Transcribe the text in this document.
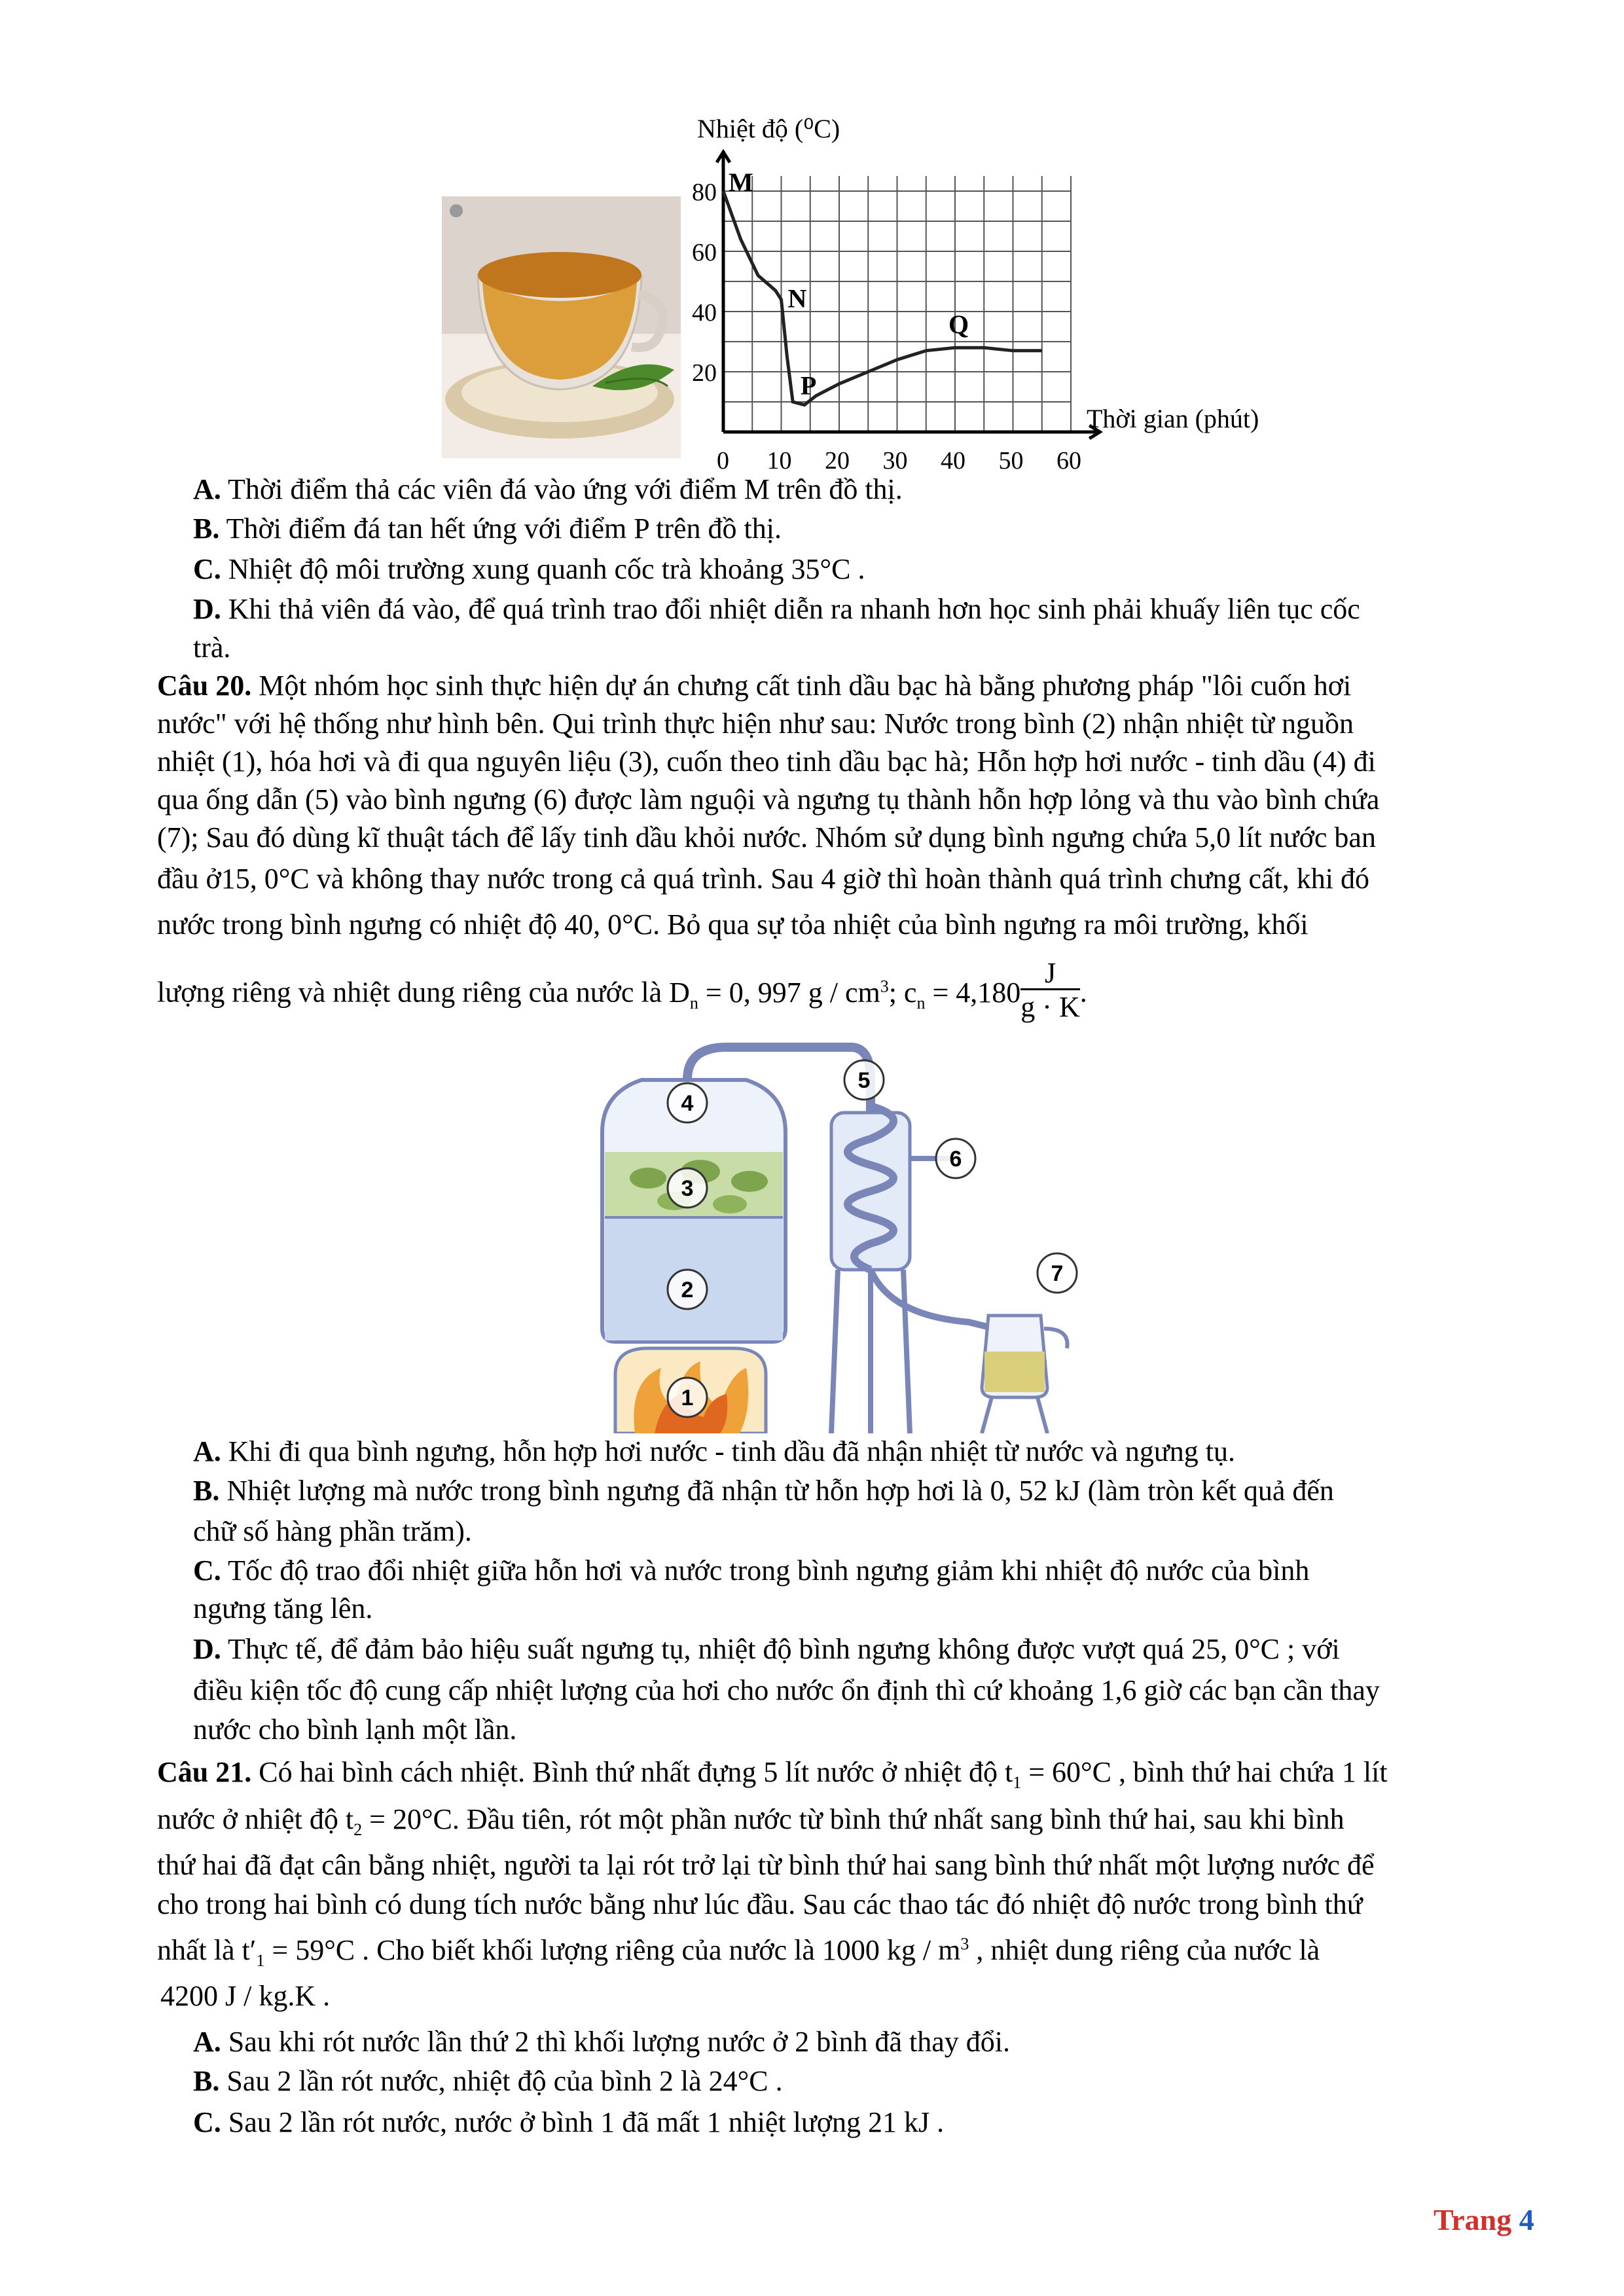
80
60
40
20
0 10 20 30 40 50 60
M
N
P
Q
Nhiệt độ (⁰C)
Thời gian (phút)
A. Thời điểm thả các viên đá vào ứng với điểm M trên đồ thị.
B. Thời điểm đá tan hết ứng với điểm P trên đồ thị.
C. Nhiệt độ môi trường xung quanh cốc trà khoảng 35°C .
D. Khi thả viên đá vào, để quá trình trao đổi nhiệt diễn ra nhanh hơn học sinh phải khuấy liên tục cốc
trà.
Câu 20. Một nhóm học sinh thực hiện dự án chưng cất tinh dầu bạc hà bằng phương pháp "lôi cuốn hơi
nước" với hệ thống như hình bên. Qui trình thực hiện như sau: Nước trong bình (2) nhận nhiệt từ nguồn
nhiệt (1), hóa hơi và đi qua nguyên liệu (3), cuốn theo tinh dầu bạc hà; Hỗn hợp hơi nước - tinh dầu (4) đi
qua ống dẫn (5) vào bình ngưng (6) được làm nguội và ngưng tụ thành hỗn hợp lỏng và thu vào bình chứa
(7); Sau đó dùng kĩ thuật tách để lấy tinh dầu khỏi nước. Nhóm sử dụng bình ngưng chứa 5,0 lít nước ban
đầu ở15, 0°C và không thay nước trong cả quá trình. Sau 4 giờ thì hoàn thành quá trình chưng cất, khi đó
nước trong bình ngưng có nhiệt độ 40, 0°C. Bỏ qua sự tỏa nhiệt của bình ngưng ra môi trường, khối
lượng riêng và nhiệt dung riêng của nước là $D_n = 0$, 997 g / $cm^3$; $c_n = 4,180 \frac{J}{g \cdot K}$ .
1
2
3
4
5
6
7
A. Khi đi qua bình ngưng, hỗn hợp hơi nước - tinh dầu đã nhận nhiệt từ nước và ngưng tụ.
B. Nhiệt lượng mà nước trong bình ngưng đã nhận từ hỗn hợp hơi là 0, 52 kJ (làm tròn kết quả đến
chữ số hàng phần trăm).
C. Tốc độ trao đổi nhiệt giữa hỗn hơi và nước trong bình ngưng giảm khi nhiệt độ nước của bình
ngưng tăng lên.
D. Thực tế, để đảm bảo hiệu suất ngưng tụ, nhiệt độ bình ngưng không được vượt quá 25, 0°C ; với
điều kiện tốc độ cung cấp nhiệt lượng của hơi cho nước ổn định thì cứ khoảng 1,6 giờ các bạn cần thay
nước cho bình lạnh một lần.
Câu 21. Có hai bình cách nhiệt. Bình thứ nhất đựng 5 lít nước ở nhiệt độ $t_1 = 60^\circ C$ , bình thứ hai chứa 1 lít
nước ở nhiệt độ $t_2 = 20^\circ C$. Đầu tiên, rót một phần nước từ bình thứ nhất sang bình thứ hai, sau khi bình
thứ hai đã đạt cân bằng nhiệt, người ta lại rót trở lại từ bình thứ hai sang bình thứ nhất một lượng nước để
cho trong hai bình có dung tích nước bằng như lúc đầu. Sau các thao tác đó nhiệt độ nước trong bình thứ
nhất là $t'_1 = 59^\circ C$ . Cho biết khối lượng riêng của nước là 1000 kg / $m^3$ , nhiệt dung riêng của nước là
4200 J / kg.K .
A. Sau khi rót nước lần thứ 2 thì khối lượng nước ở 2 bình đã thay đổi.
B. Sau 2 lần rót nước, nhiệt độ của bình 2 là 24°C .
C. Sau 2 lần rót nước, nước ở bình 1 đã mất 1 nhiệt lượng 21 kJ .
Trang 4
